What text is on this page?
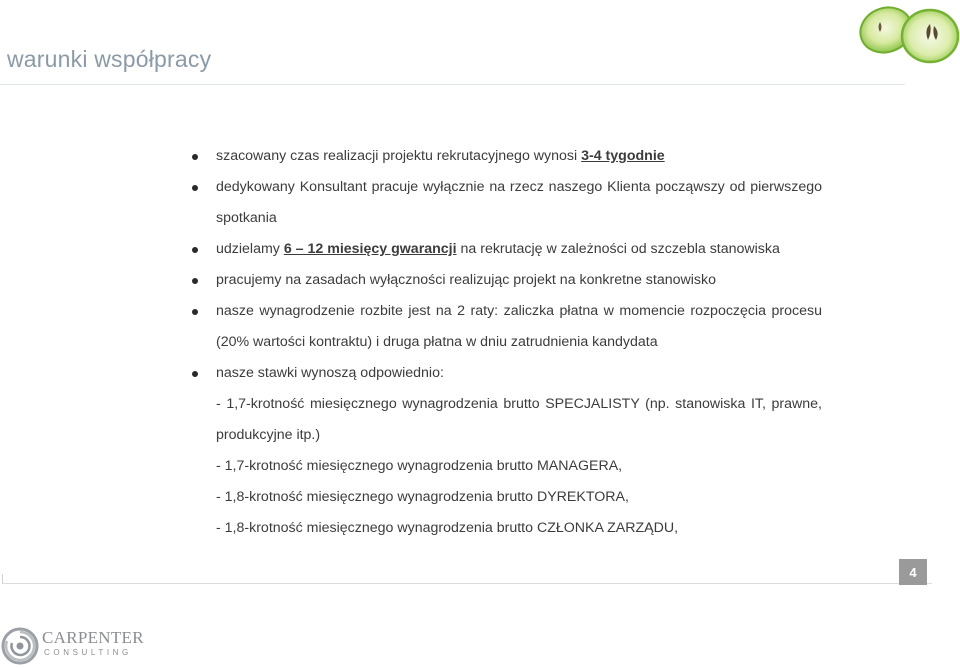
warunki współpracy

szacowany czas realizacji projektu rekrutacyjnego wynosi 3-4 tygodnie

dedykowany Konsultant pracuje wyłącznie na rzecz naszego Klienta począwszy od pierwszego spotkania

udzielamy 6 – 12 miesięcy gwarancji na rekrutację w zależności od szczebla stanowiska

pracujemy na zasadach wyłączności realizując projekt na konkretne stanowisko

nasze wynagrodzenie rozbite jest na 2 raty: zaliczka płatna w momencie rozpoczęcia procesu (20% wartości kontraktu) i druga płatna w dniu zatrudnienia kandydata

nasze stawki wynoszą odpowiednio:

- 1,7-krotność miesięcznego wynagrodzenia brutto SPECJALISTY (np. stanowiska IT, prawne, produkcyjne itp.)

- 1,7-krotność miesięcznego wynagrodzenia brutto MANAGERA,

- 1,8-krotność miesięcznego wynagrodzenia brutto DYREKTORA,

- 1,8-krotność miesięcznego wynagrodzenia brutto CZŁONKA ZARZĄDU,

4
CARPENTER
CONSULTING
